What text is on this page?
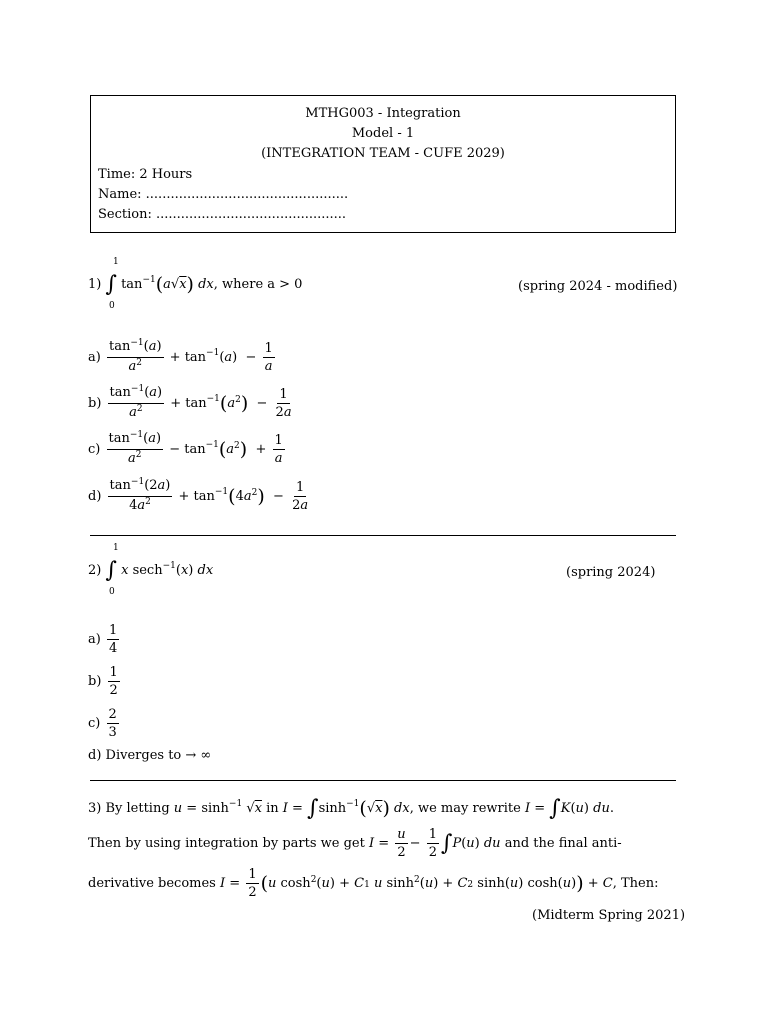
MTHG003 - Integration
Model - 1
(INTEGRATION TEAM - CUFE 2029)
Time: 2 Hours
Name: .................................................
Section: ..............................................
1
0
1) ∫ $\tan^{-1}(a√x)$ dx, where a > 0	(spring 2024 - modified)
$a) \frac{\tan^{-1}(a)}{a^2} + \tan^{-1}(a) - \frac{1}{a}$
$b) \frac{\tan^{-1}(a)}{a^2} + \tan^{-1}(a^2) - \frac{1}{2a}$
$c) \frac{\tan^{-1}(a)}{a^2} - \tan^{-1}(a^2) + \frac{1}{a}$
$d) \frac{\tan^{-1}(2a)}{4a^2} + \tan^{-1}(4a^2) - \frac{1}{2a}$
1
0
2) ∫ x sech$^{-1}$(x) dx	(spring 2024)
$a) \frac{1}{4}$
$b) \frac{1}{2}$
$c) \frac{2}{3}$
d) Diverges to → ∞
3) By letting $u = \sinh^{-1} √x$ in $I = \int\sinh^{-1}(√x)$ dx, we may rewrite I = ∫K(u) du.
Then by using integration by parts we get $I = \frac{u}{2} - \frac{1}{2} \int P(u)$ du and the final anti-
derivative becomes $I = \frac{1}{2} (u$ $\cosh^2(u) + C1$ u $\sinh^2(u) + C2$ sinh(u) cosh(u)) + C, Then:
(Midterm Spring 2021)
